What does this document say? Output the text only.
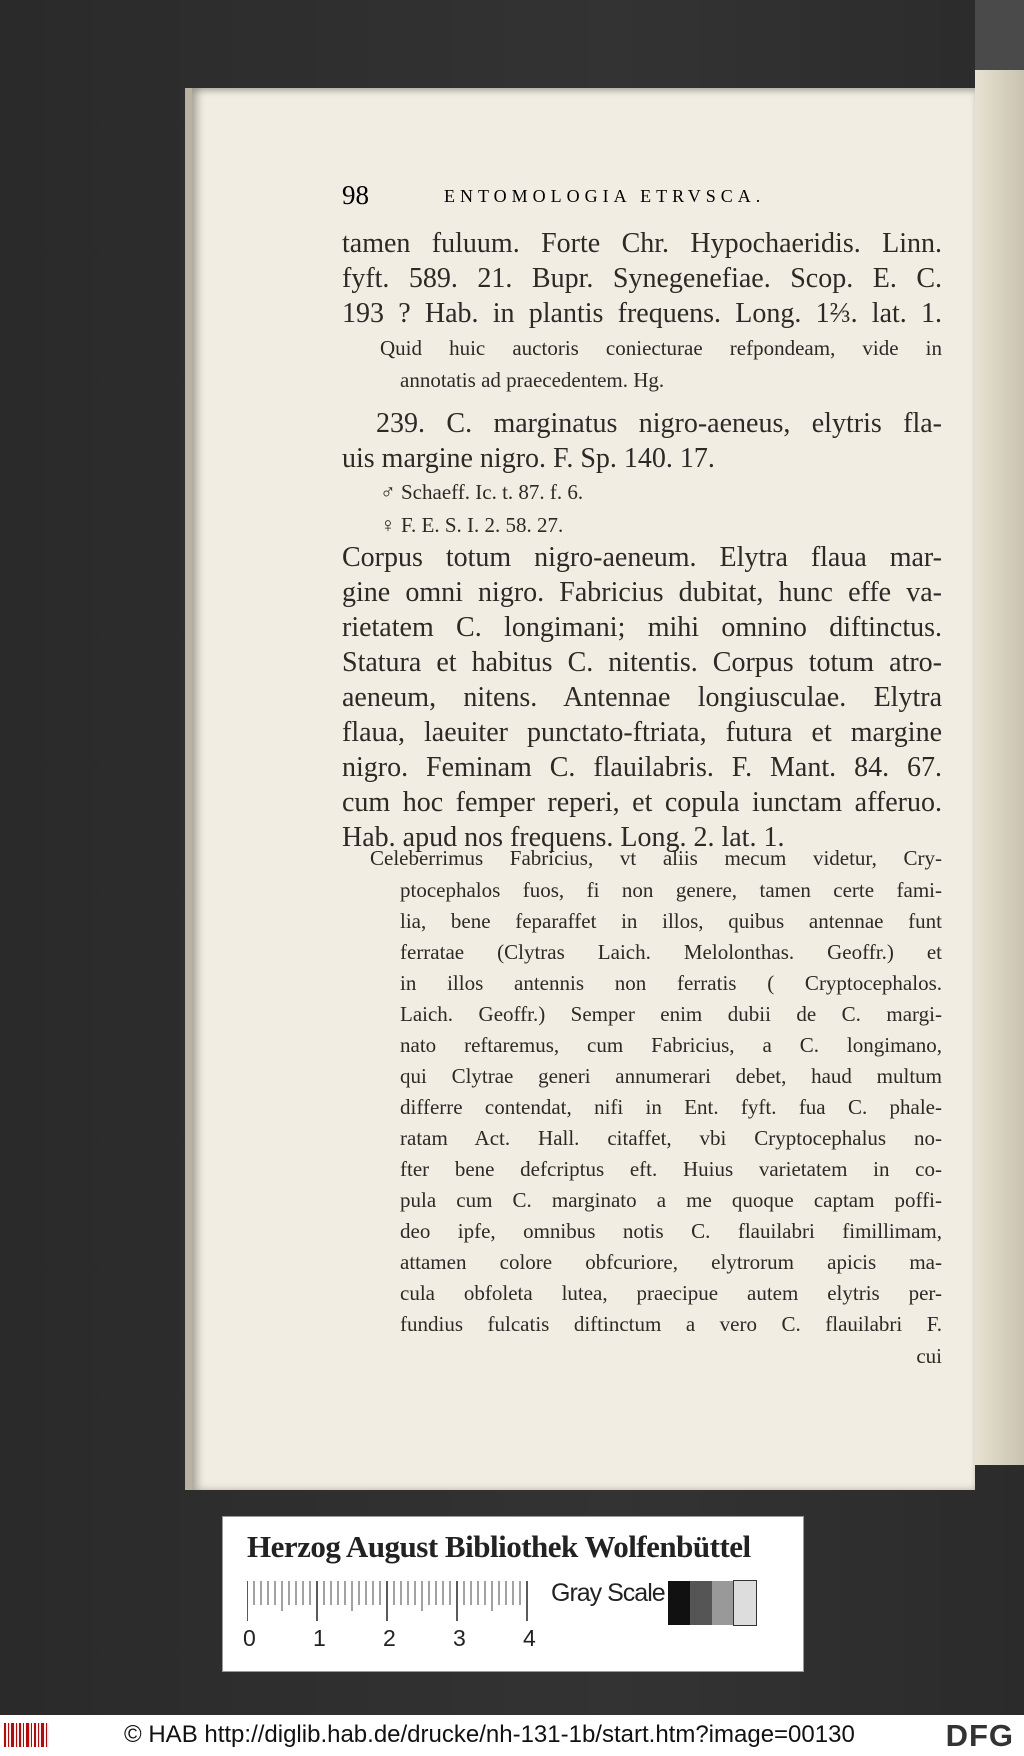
98	ENTOMOLOGIA ETRVSCA.
tamen fuluum. Forte Chr. Hypochaeridis. Linn.
fyft. 589. 21. Bupr. Synegenefiae. Scop. E. C.
193 ? Hab. in plantis frequens. Long. 1⅔. lat. 1.
Quid huic auctoris coniecturae refpondeam, vide in
annotatis ad praecedentem. Hg.
239. C. marginatus nigro-aeneus, elytris fla-
uis margine nigro. F. Sp. 140. 17.
♂ Schaeff. Ic. t. 87. f. 6.
♀ F. E. S. I. 2. 58. 27.
Corpus totum nigro-aeneum. Elytra flaua mar-
gine omni nigro. Fabricius dubitat, hunc effe va-
rietatem C. longimani; mihi omnino diftinctus.
Statura et habitus C. nitentis. Corpus totum atro-
aeneum, nitens. Antennae longiusculae. Elytra
flaua, laeuiter punctato-ftriata, futura et margine
nigro. Feminam C. flauilabris. F. Mant. 84. 67.
cum hoc femper reperi, et copula iunctam afferuo.
Hab. apud nos frequens. Long. 2. lat. 1.
Celeberrimus Fabricius, vt aliis mecum videtur, Cry-
ptocephalos fuos, fi non genere, tamen certe fami-
lia, bene feparaffet in illos, quibus antennae funt
ferratae (Clytras Laich. Melolonthas. Geoffr.) et
in illos antennis non ferratis ( Cryptocephalos.
Laich. Geoffr.) Semper enim dubii de C. margi-
nato reftaremus, cum Fabricius, a C. longimano,
qui Clytrae generi annumerari debet, haud multum
differre contendat, nifi in Ent. fyft. fua C. phale-
ratam Act. Hall. citaffet, vbi Cryptocephalus no-
fter bene defcriptus eft. Huius varietatem in co-
pula cum C. marginato a me quoque captam poffi-
deo ipfe, omnibus notis C. flauilabri fimillimam,
attamen colore obfcuriore, elytrorum apicis ma-
cula obfoleta lutea, praecipue autem elytris per-
fundius fulcatis diftinctum a vero C. flauilabri F.
cui
Herzog August Bibliothek Wolfenbüttel
0 1 2 3 4
Gray Scale
© HAB http://diglib.hab.de/drucke/nh-131-1b/start.htm?image=00130	DFG
